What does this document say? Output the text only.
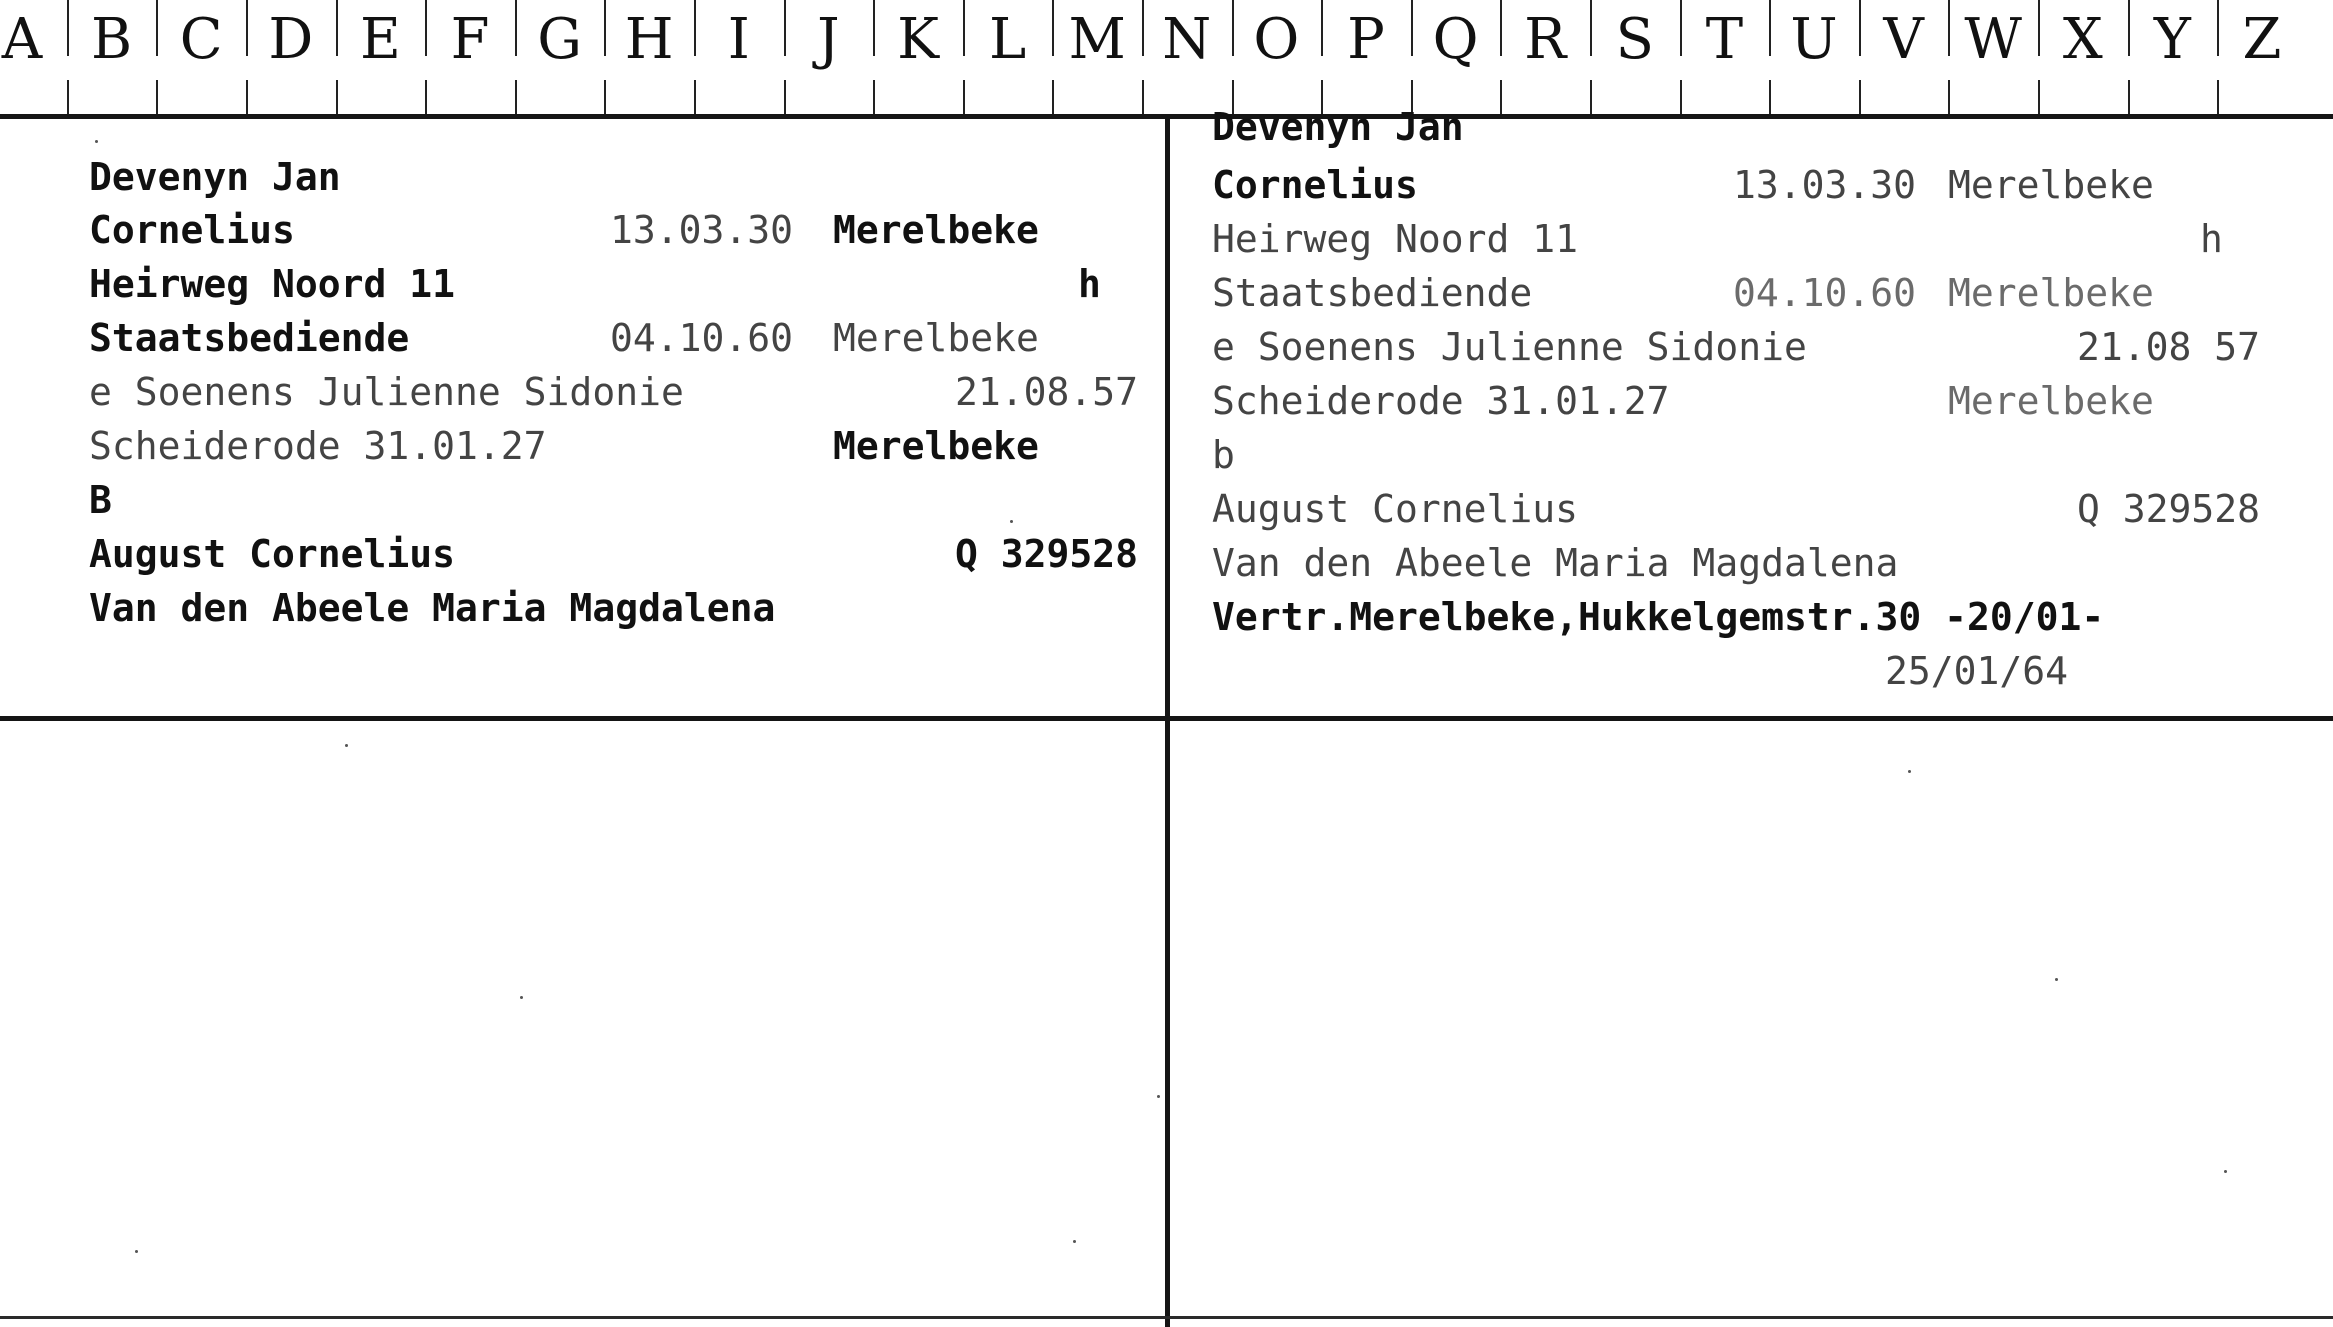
A B C D E F G H I	J	K L M N O P Q R S T U V W X Y Z
Devenyn Jan
Cornelius	13.03.30 Merelbeke
Heirweg Noord 11	h
Staatsbediende	04.10.60 Merelbeke
e Soenens Julienne Sidonie	21.08.57
Scheiderode 31.01.27	Merelbeke
B
August Cornelius	Q 329528
Van den Abeele Maria Magdalena
Devenyn Jan
Cornelius	13.03.30 Merelbeke
Heirweg Noord 11	h
Staatsbediende	04.10.60 Merelbeke
e Soenens Julienne Sidonie	21.08 57
Scheiderode 31.01.27	Merelbeke
b
August Cornelius	Q 329528
Van den Abeele Maria Magdalena
Vertr.Merelbeke,Hukkelgemstr.30 -20/01-
25/01/64
